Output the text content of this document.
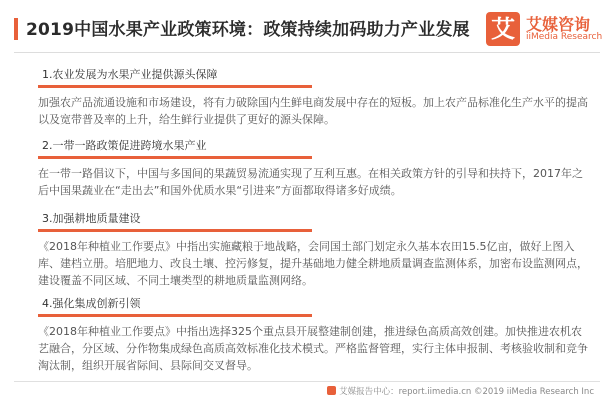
2019中国水果产业政策环境：政策持续加码助力产业发展 艾 艾媒咨询
iiMedia Research
1.农业发展为水果产业提供源头保障
加强农产品流通设施和市场建设，将有力破除国内生鲜电商发展中存在的短板。加上农产品标准化生产水平的提高以及宽带普及率的上升，给生鲜行业提供了更好的源头保障。
2.一带一路政策促进跨境水果产业
在一带一路倡议下，中国与多国间的果蔬贸易流通实现了互利互惠。在相关政策方针的引导和扶持下，2017年之后中国果蔬业在“走出去”和国外优质水果“引进来”方面都取得诸多好成绩。
3.加强耕地质量建设
《2018年种植业工作要点》中指出实施藏粮于地战略，会同国土部门划定永久基本农田15.5亿亩，做好上图入库、建档立册。培肥地力、改良土壤、控污修复，提升基础地力健全耕地质量调查监测体系，加密布设监测网点，建设覆盖不同区域、不同土壤类型的耕地质量监测网络。
4.强化集成创新引领
《2018年种植业工作要点》中指出选择325个重点县开展整建制创建，推进绿色高质高效创建。加快推进农机农艺融合，分区域、分作物集成绿色高质高效标准化技术模式。严格监督管理，实行主体申报制、考核验收制和竞争淘汰制，组织开展省际间、县际间交叉督导。
艾媒报告中心：report.iimedia.cn ©2019 iiMedia Research Inc
